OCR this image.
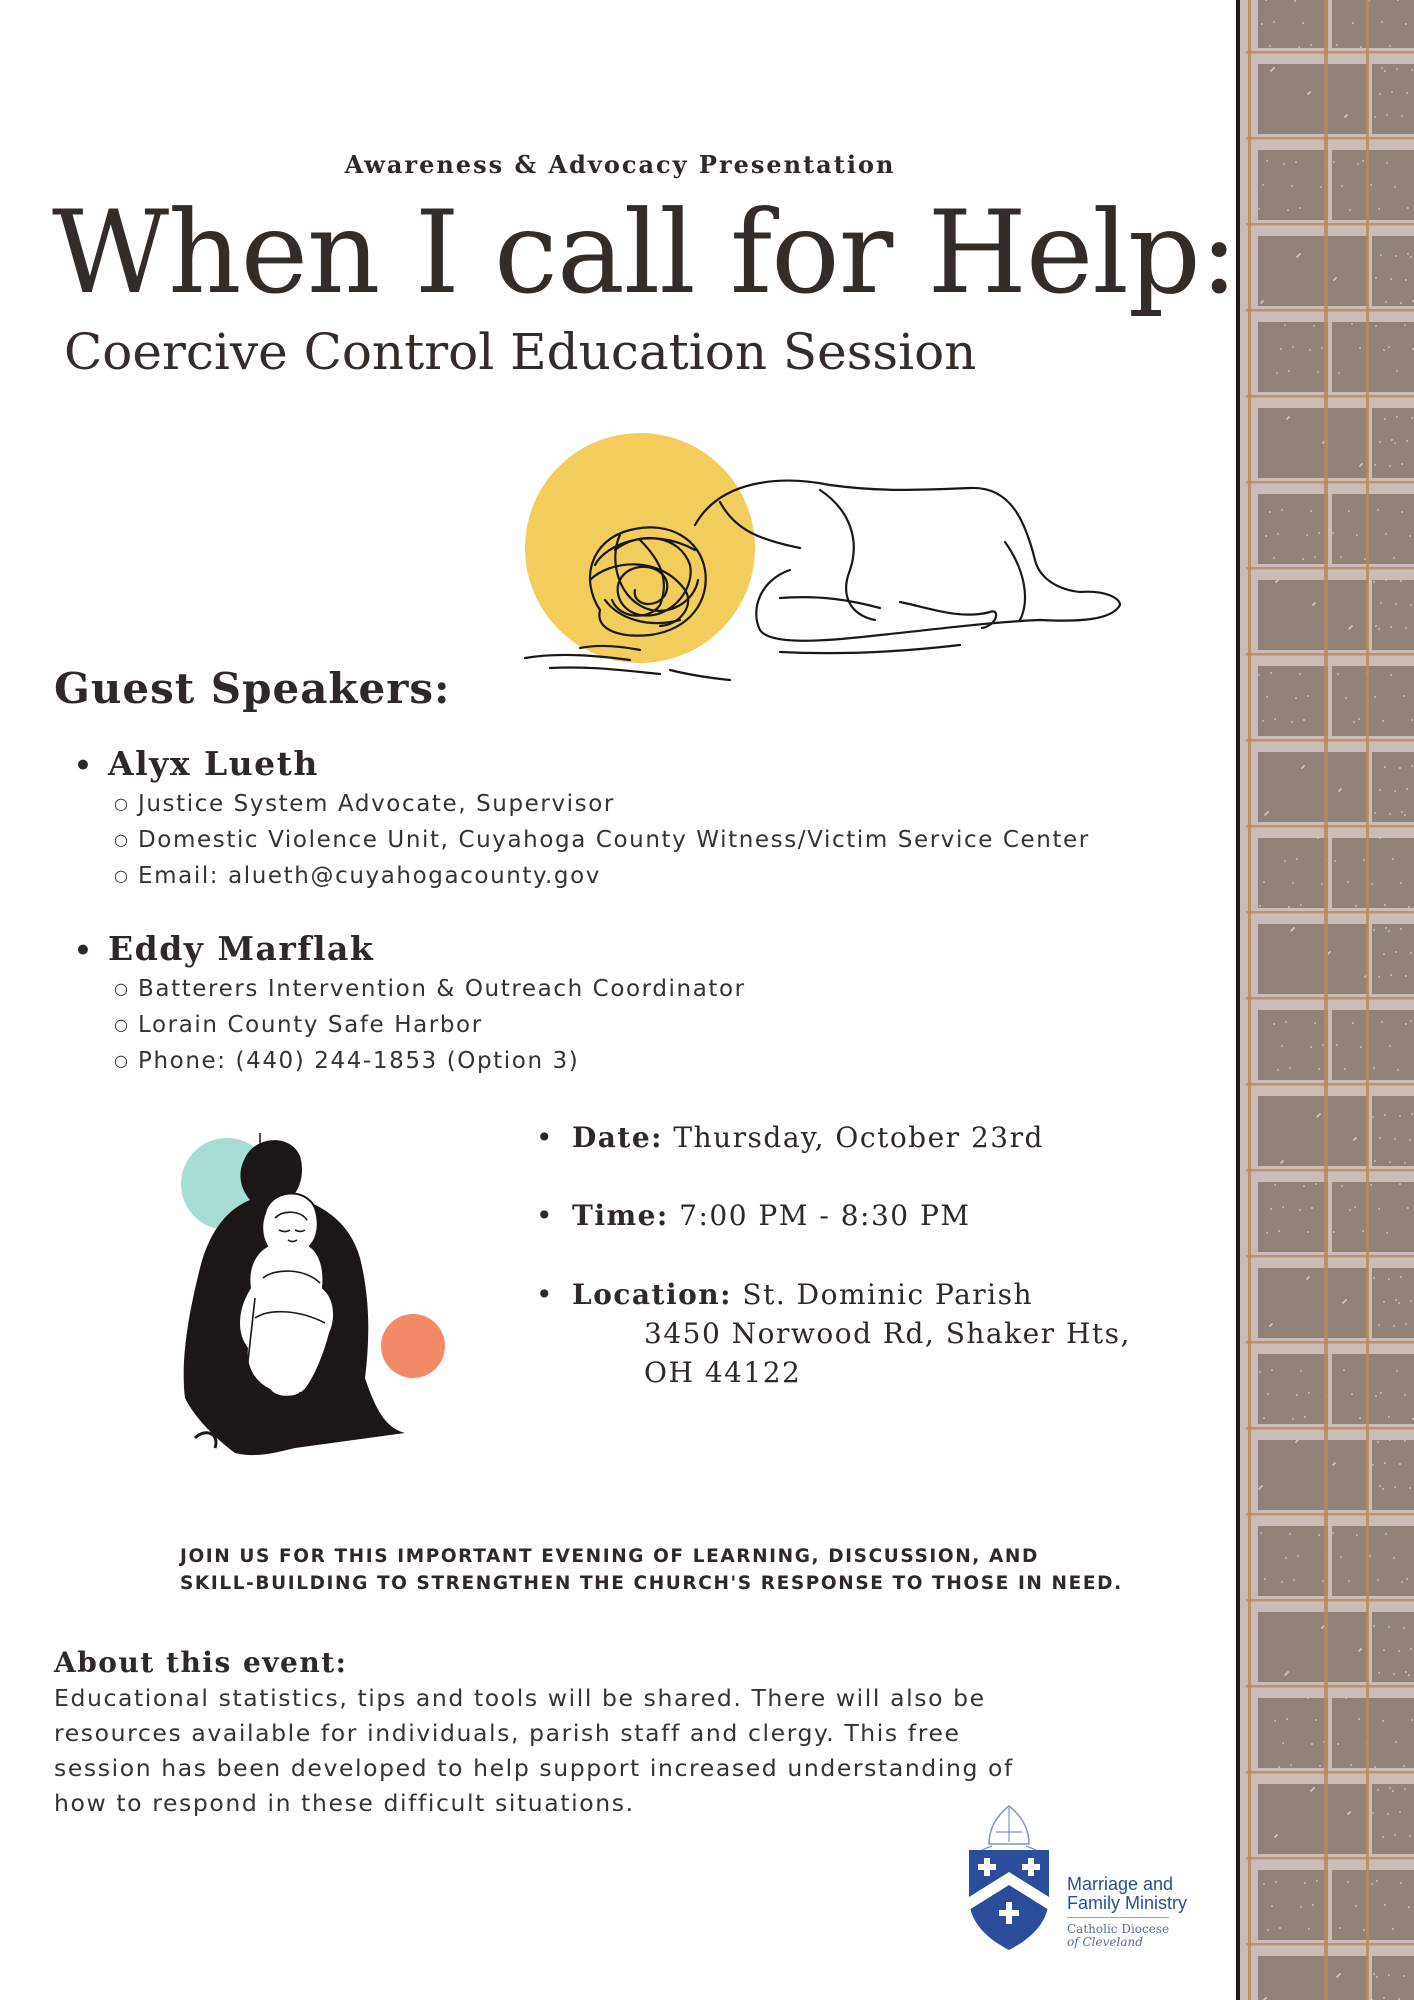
Awareness & Advocacy Presentation
When I call for Help:
Coercive Control Education Session
Guest Speakers:
• Alyx Lueth
○ Justice System Advocate, Supervisor
○ Domestic Violence Unit, Cuyahoga County Witness/Victim Service Center
○ Email: alueth@cuyahogacounty.gov
• Eddy Marflak
○ Batterers Intervention & Outreach Coordinator
○ Lorain County Safe Harbor
○ Phone: (440) 244-1853 (Option 3)
• Date: Thursday, October 23rd
• Time: 7:00 PM - 8:30 PM
• Location: St. Dominic Parish
3450 Norwood Rd, Shaker Hts,
OH 44122
JOIN US FOR THIS IMPORTANT EVENING OF LEARNING, DISCUSSION, AND
SKILL-BUILDING TO STRENGTHEN THE CHURCH'S RESPONSE TO THOSE IN NEED.
About this event:
Educational statistics, tips and tools will be shared. There will also be
resources available for individuals, parish staff and clergy. This free
session has been developed to help support increased understanding of
how to respond in these difficult situations.
Marriage and
Family Ministry
Catholic Diocese
of Cleveland
